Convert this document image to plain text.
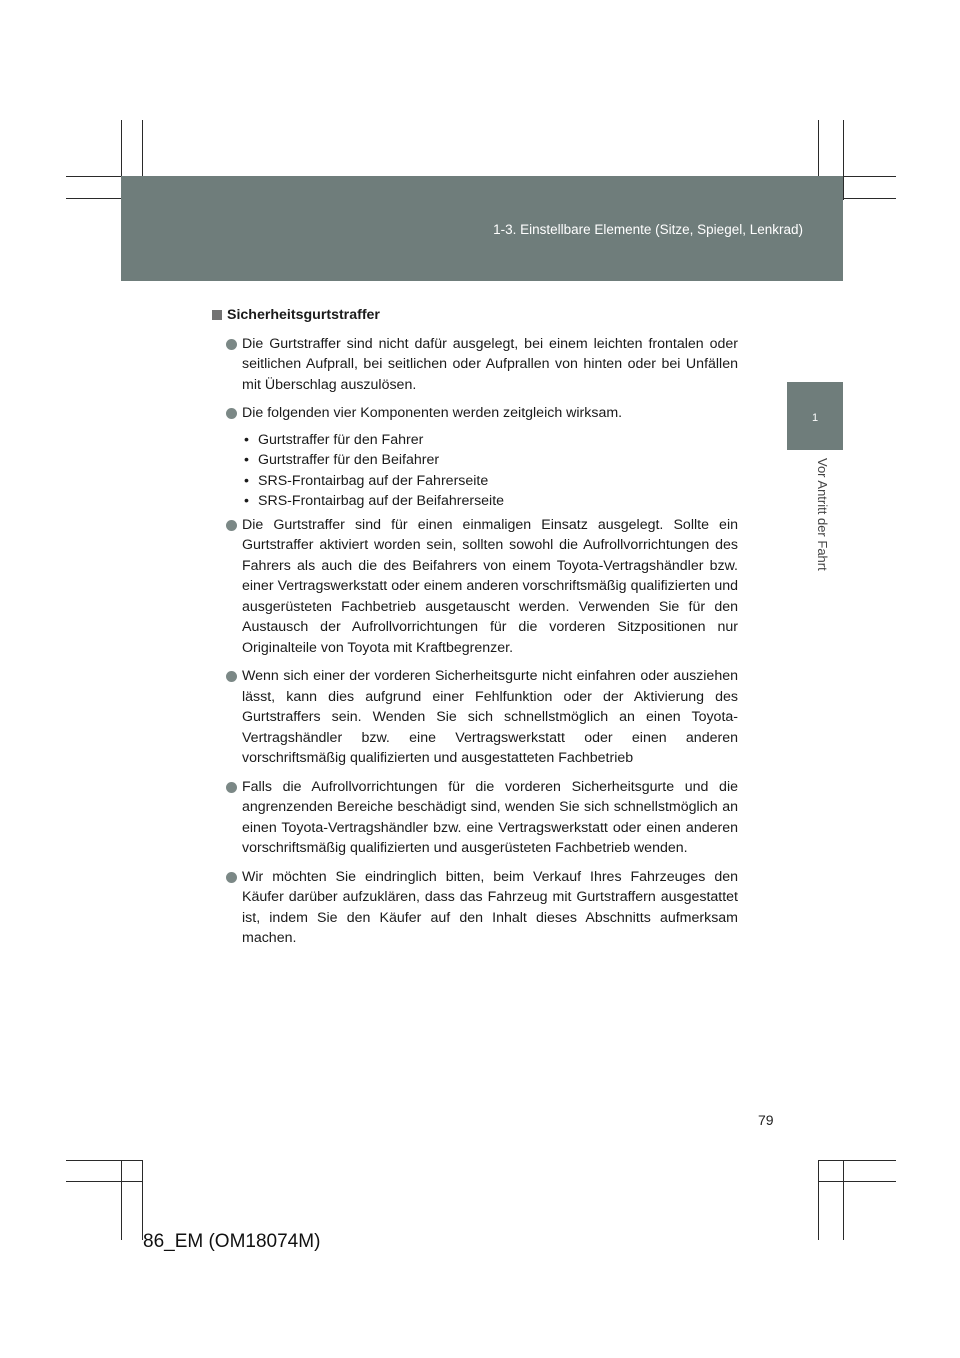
1-3. Einstellbare Elemente (Sitze, Spiegel, Lenkrad)
1
Vor Antritt der Fahrt
Sicherheitsgurtstraffer
Die Gurtstraffer sind nicht dafür ausgelegt, bei einem leichten frontalen oder seitlichen Aufprall, bei seitlichen oder Aufprallen von hinten oder bei Unfällen mit Überschlag auszulösen.
Die folgenden vier Komponenten werden zeitgleich wirksam.
• Gurtstraffer für den Fahrer
• Gurtstraffer für den Beifahrer
• SRS-Frontairbag auf der Fahrerseite
• SRS-Frontairbag auf der Beifahrerseite
Die Gurtstraffer sind für einen einmaligen Einsatz ausgelegt. Sollte ein Gurtstraffer aktiviert worden sein, sollten sowohl die Aufrollvorrichtungen des Fahrers als auch die des Beifahrers von einem Toyota-Vertragshändler bzw. einer Vertragswerkstatt oder einem anderen vorschriftsmäßig qualifizierten und ausgerüsteten Fachbetrieb ausgetauscht werden. Verwenden Sie für den Austausch der Aufrollvorrichtungen für die vorderen Sitzpositionen nur Originalteile von Toyota mit Kraftbegrenzer.
Wenn sich einer der vorderen Sicherheitsgurte nicht einfahren oder ausziehen lässt, kann dies aufgrund einer Fehlfunktion oder der Aktivierung des Gurtstraffers sein. Wenden Sie sich schnellstmöglich an einen Toyota-Vertragshändler bzw. eine Vertragswerkstatt oder einen anderen vorschriftsmäßig qualifizierten und ausgestatteten Fachbetrieb
Falls die Aufrollvorrichtungen für die vorderen Sicherheitsgurte und die angrenzenden Bereiche beschädigt sind, wenden Sie sich schnellstmöglich an einen Toyota-Vertragshändler bzw. eine Vertragswerkstatt oder einen anderen vorschriftsmäßig qualifizierten und ausgerüsteten Fachbetrieb wenden.
Wir möchten Sie eindringlich bitten, beim Verkauf Ihres Fahrzeuges den Käufer darüber aufzuklären, dass das Fahrzeug mit Gurtstraffern ausgestattet ist, indem Sie den Käufer auf den Inhalt dieses Abschnitts aufmerksam machen.
79
86_EM (OM18074M)
